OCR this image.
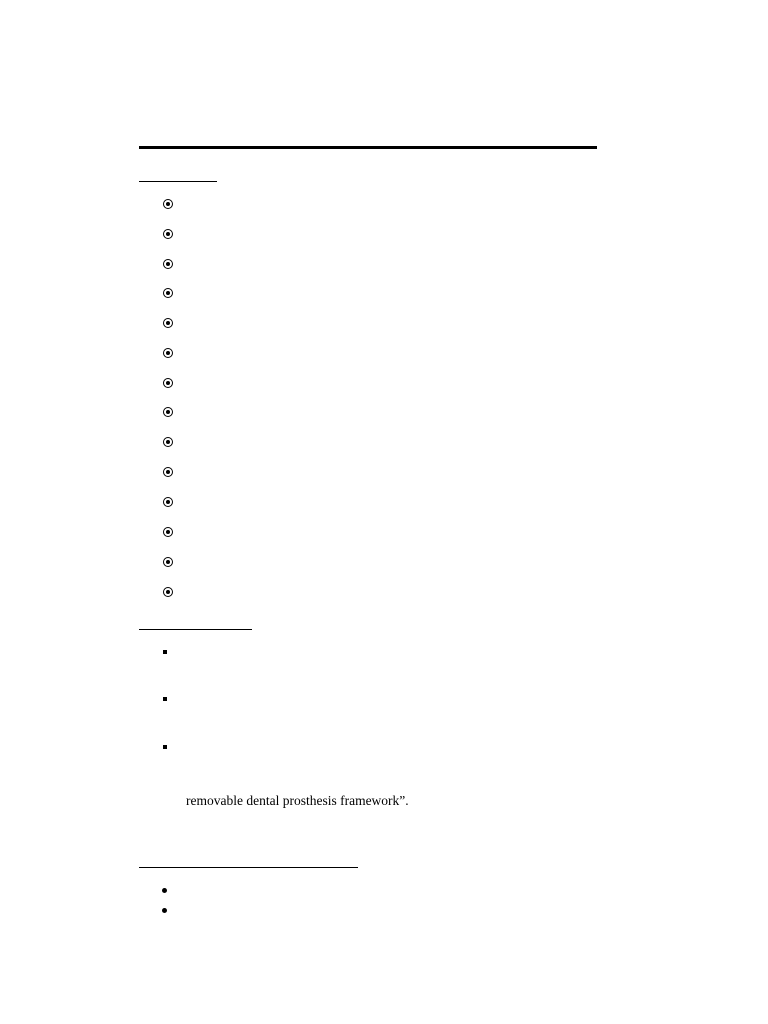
removable dental prosthesis framework”.
